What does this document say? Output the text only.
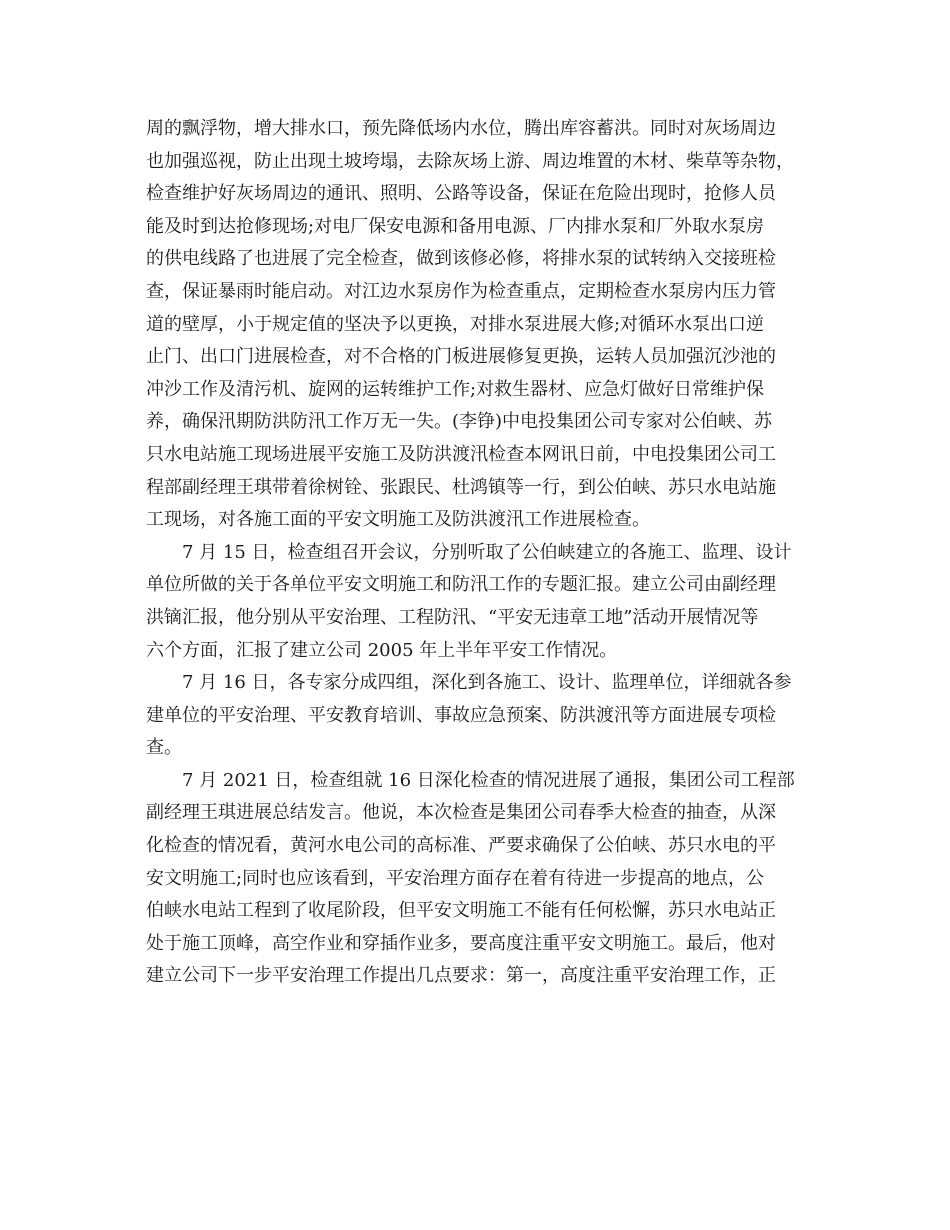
周的飘浮物，增大排水口，预先降低场内水位，腾出库容蓄洪。同时对灰场周边
也加强巡视，防止出现土坡垮塌，去除灰场上游、周边堆置的木材、柴草等杂物，
检查维护好灰场周边的通讯、照明、公路等设备，保证在危险出现时，抢修人员
能及时到达抢修现场;对电厂保安电源和备用电源、厂内排水泵和厂外取水泵房
的供电线路了也进展了完全检查，做到该修必修，将排水泵的试转纳入交接班检
查，保证暴雨时能启动。对江边水泵房作为检查重点，定期检查水泵房内压力管
道的壁厚，小于规定值的坚决予以更换，对排水泵进展大修;对循环水泵出口逆
止门、出口门进展检查，对不合格的门板进展修复更换，运转人员加强沉沙池的
冲沙工作及清污机、旋网的运转维护工作;对救生器材、应急灯做好日常维护保
养，确保汛期防洪防汛工作万无一失。(李铮)中电投集团公司专家对公伯峡、苏
只水电站施工现场进展平安施工及防洪渡汛检查本网讯日前，中电投集团公司工
程部副经理王琪带着徐树铨、张跟民、杜鸿镇等一行，到公伯峡、苏只水电站施
工现场，对各施工面的平安文明施工及防洪渡汛工作进展检查。
7 月 15 日，检查组召开会议，分别听取了公伯峡建立的各施工、监理、设计
单位所做的关于各单位平安文明施工和防汛工作的专题汇报。建立公司由副经理
洪镝汇报，他分别从平安治理、工程防汛、“平安无违章工地”活动开展情况等
六个方面，汇报了建立公司 2005 年上半年平安工作情况。
7 月 16 日，各专家分成四组，深化到各施工、设计、监理单位，详细就各参
建单位的平安治理、平安教育培训、事故应急预案、防洪渡汛等方面进展专项检
查。
7 月 2021 日，检查组就 16 日深化检查的情况进展了通报，集团公司工程部
副经理王琪进展总结发言。他说，本次检查是集团公司春季大检查的抽查，从深
化检查的情况看，黄河水电公司的高标准、严要求确保了公伯峡、苏只水电的平
安文明施工;同时也应该看到，平安治理方面存在着有待进一步提高的地点，公
伯峡水电站工程到了收尾阶段，但平安文明施工不能有任何松懈，苏只水电站正
处于施工顶峰，高空作业和穿插作业多，要高度注重平安文明施工。最后，他对
建立公司下一步平安治理工作提出几点要求：第一，高度注重平安治理工作，正
